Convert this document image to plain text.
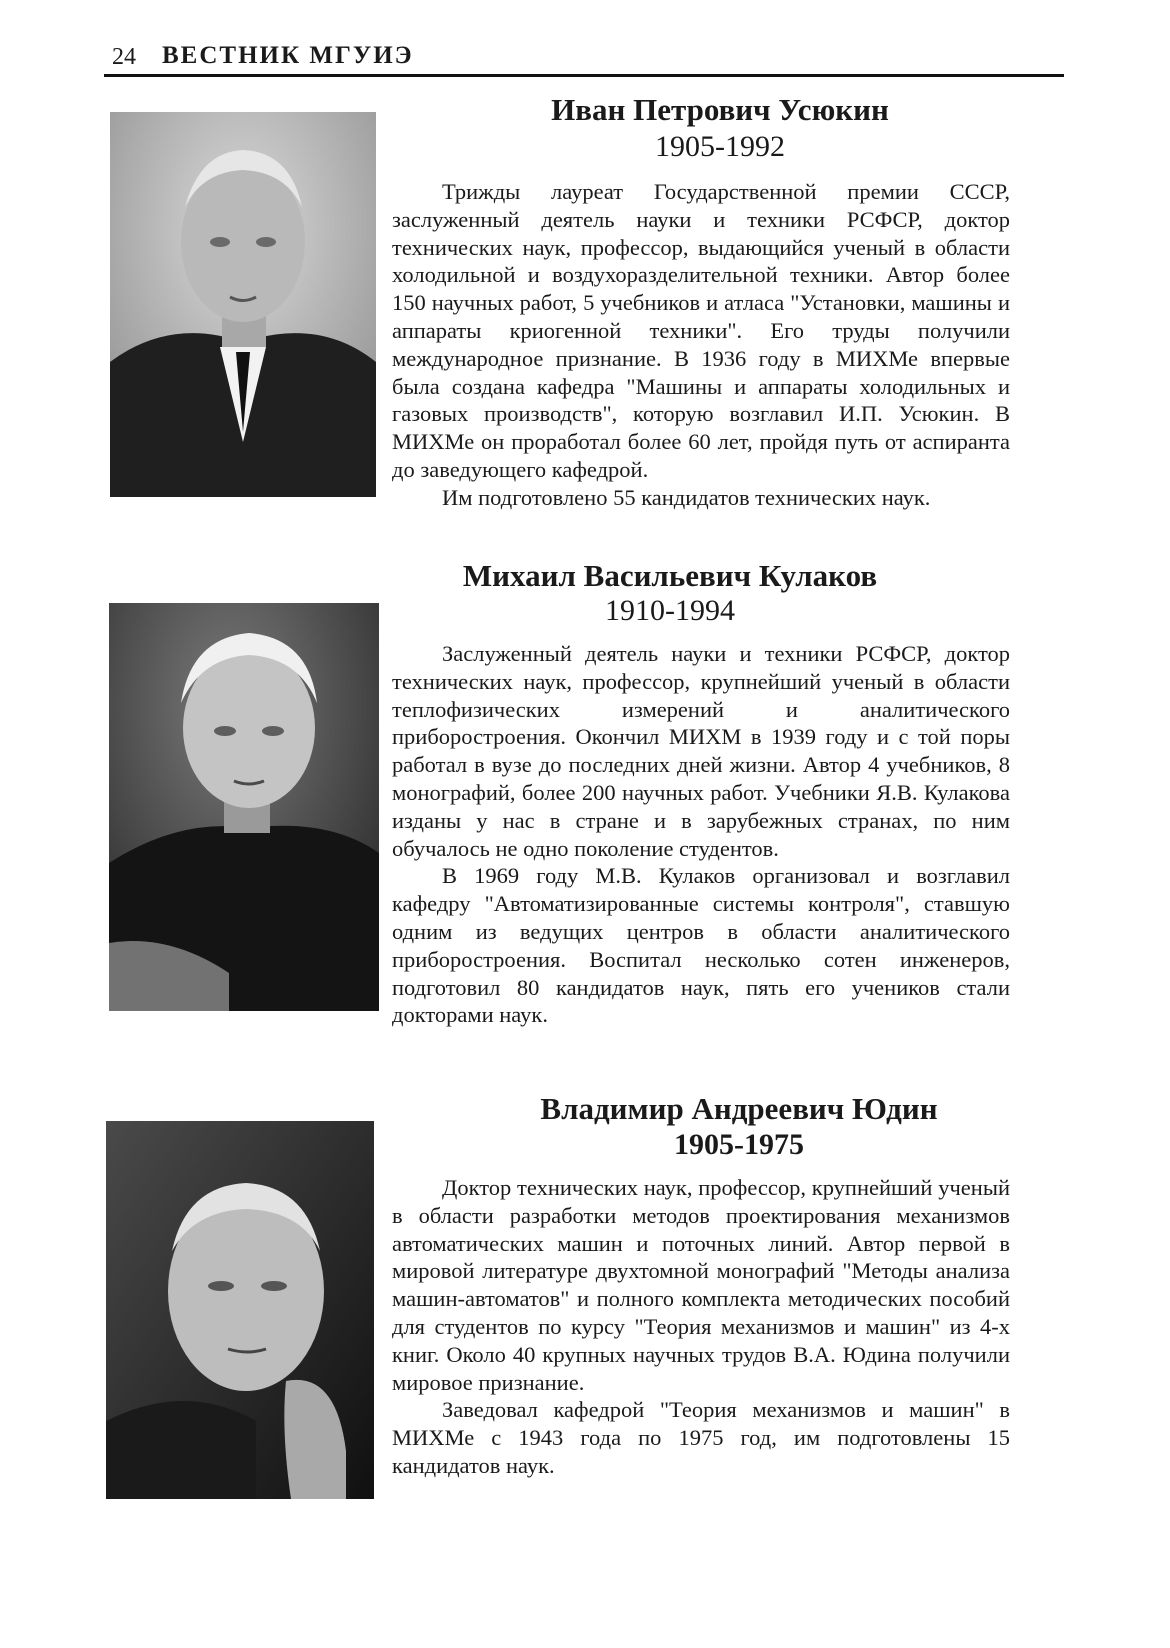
24 ВЕСТНИК МГУИЭ
Иван Петрович Усюкин
1905-1992

Трижды лауреат Государственной премии СССР, заслуженный деятель науки и техники РСФСР, доктор технических наук, профессор, выдающийся ученый в области холодильной и воздухоразделительной техники. Автор более 150 научных работ, 5 учебников и атласа "Установки, машины и аппараты криогенной техники". Его труды получили международное признание. В 1936 году в МИХМе впервые была создана кафедра "Машины и аппараты холодильных и газовых производств", которую возглавил И.П. Усюкин. В МИХМе он проработал более 60 лет, пройдя путь от аспиранта до заведующего кафедрой.

Им подготовлено 55 кандидатов технических наук.

Михаил Васильевич Кулаков
1910-1994

Заслуженный деятель науки и техники РСФСР, доктор технических наук, профессор, крупнейший ученый в области теплофизических измерений и аналитического приборостроения. Окончил МИХМ в 1939 году и с той поры работал в вузе до последних дней жизни. Автор 4 учебников, 8 монографий, более 200 научных работ. Учебники Я.В. Кулакова изданы у нас в стране и в зарубежных странах, по ним обучалось не одно поколение студентов.

В 1969 году М.В. Кулаков организовал и возглавил кафедру "Автоматизированные системы контроля", ставшую одним из ведущих центров в области аналитического приборостроения. Воспитал несколько сотен инженеров, подготовил 80 кандидатов наук, пять его учеников стали докторами наук.

Владимир Андреевич Юдин
1905-1975

Доктор технических наук, профессор, крупнейший ученый в области разработки методов проектирования механизмов автоматических машин и поточных линий. Автор первой в мировой литературе двухтомной монографий "Методы анализа машин-автоматов" и полного комплекта методических пособий для студентов по курсу "Теория механизмов и машин" из 4-х книг. Около 40 крупных научных трудов В.А. Юдина получили мировое признание.

Заведовал кафедрой "Теория механизмов и машин" в МИХМе с 1943 года по 1975 год, им подготовлены 15 кандидатов наук.
